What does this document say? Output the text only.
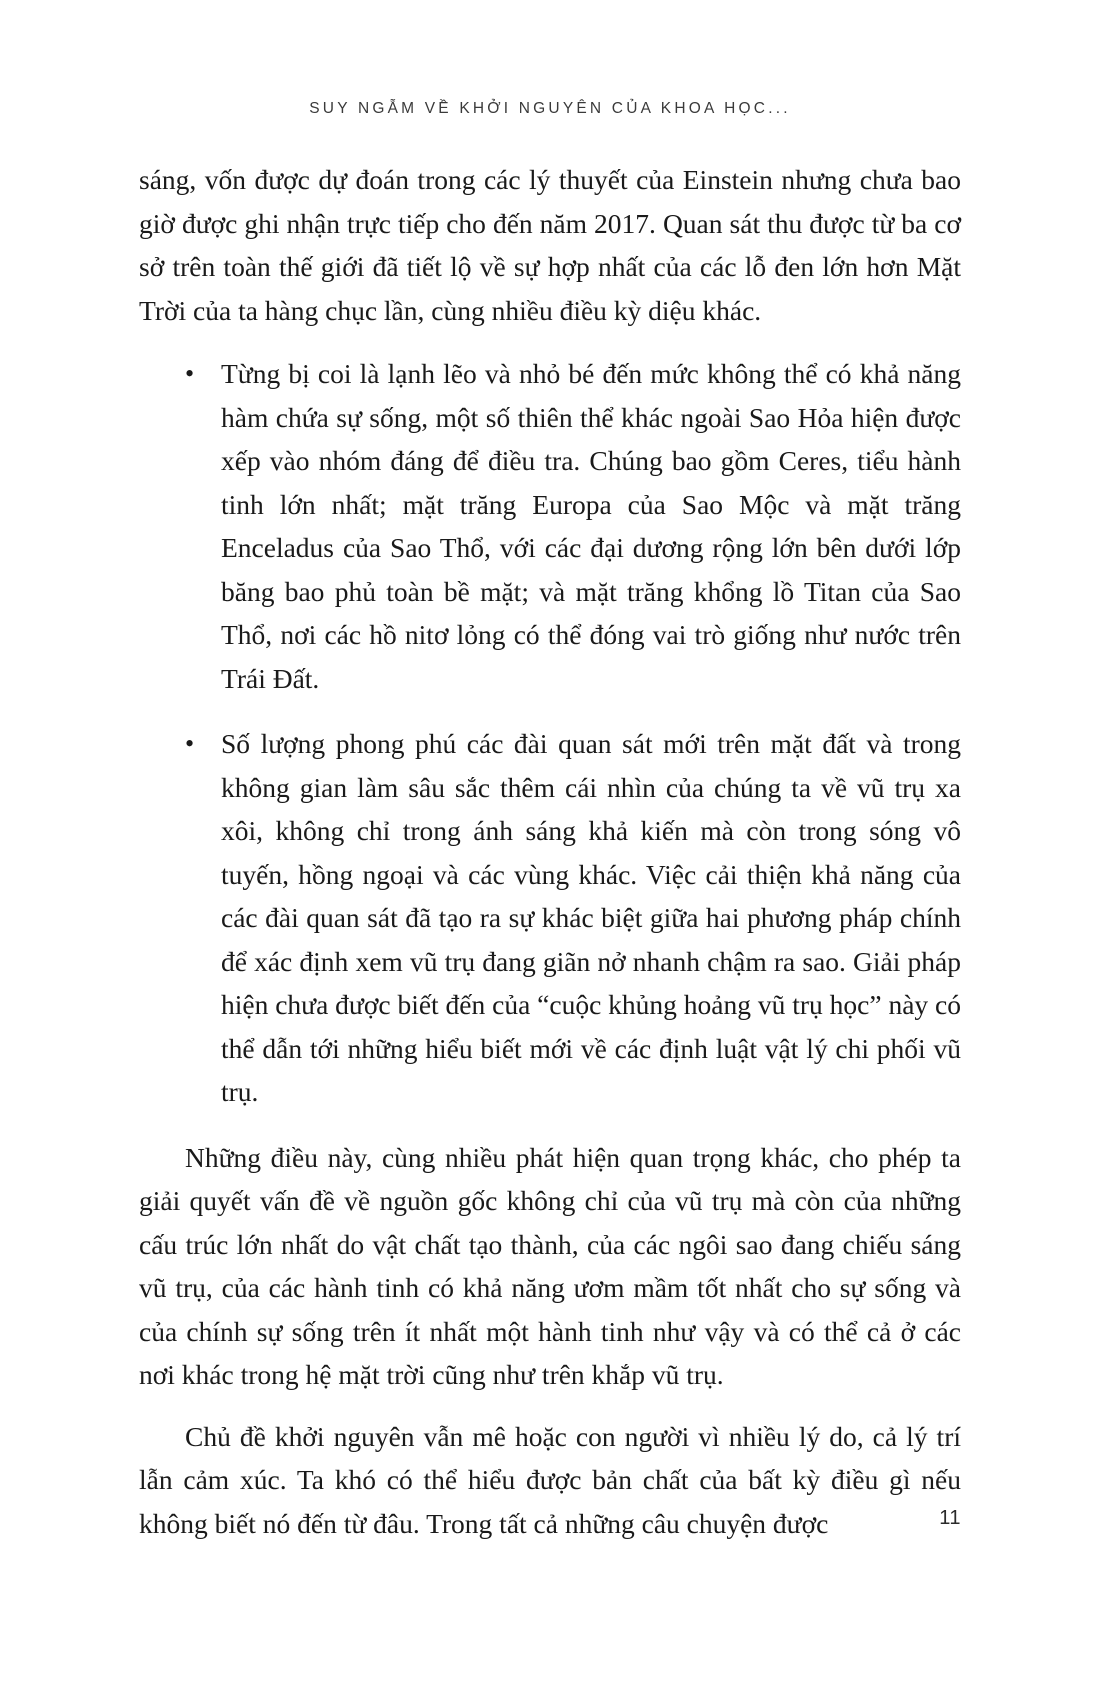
SUY NGẪM VỀ KHỞI NGUYÊN CỦA KHOA HỌC...

sáng, vốn được dự đoán trong các lý thuyết của Einstein nhưng chưa bao giờ được ghi nhận trực tiếp cho đến năm 2017. Quan sát thu được từ ba cơ sở trên toàn thế giới đã tiết lộ về sự hợp nhất của các lỗ đen lớn hơn Mặt Trời của ta hàng chục lần, cùng nhiều điều kỳ diệu khác.

• Từng bị coi là lạnh lẽo và nhỏ bé đến mức không thể có khả năng hàm chứa sự sống, một số thiên thể khác ngoài Sao Hỏa hiện được xếp vào nhóm đáng để điều tra. Chúng bao gồm Ceres, tiểu hành tinh lớn nhất; mặt trăng Europa của Sao Mộc và mặt trăng Enceladus của Sao Thổ, với các đại dương rộng lớn bên dưới lớp băng bao phủ toàn bề mặt; và mặt trăng khổng lồ Titan của Sao Thổ, nơi các hồ nitơ lỏng có thể đóng vai trò giống như nước trên Trái Đất.
• Số lượng phong phú các đài quan sát mới trên mặt đất và trong không gian làm sâu sắc thêm cái nhìn của chúng ta về vũ trụ xa xôi, không chỉ trong ánh sáng khả kiến mà còn trong sóng vô tuyến, hồng ngoại và các vùng khác. Việc cải thiện khả năng của các đài quan sát đã tạo ra sự khác biệt giữa hai phương pháp chính để xác định xem vũ trụ đang giãn nở nhanh chậm ra sao. Giải pháp hiện chưa được biết đến của “cuộc khủng hoảng vũ trụ học” này có thể dẫn tới những hiểu biết mới về các định luật vật lý chi phối vũ trụ.

Những điều này, cùng nhiều phát hiện quan trọng khác, cho phép ta giải quyết vấn đề về nguồn gốc không chỉ của vũ trụ mà còn của những cấu trúc lớn nhất do vật chất tạo thành, của các ngôi sao đang chiếu sáng vũ trụ, của các hành tinh có khả năng ươm mầm tốt nhất cho sự sống và của chính sự sống trên ít nhất một hành tinh như vậy và có thể cả ở các nơi khác trong hệ mặt trời cũng như trên khắp vũ trụ.

Chủ đề khởi nguyên vẫn mê hoặc con người vì nhiều lý do, cả lý trí lẫn cảm xúc. Ta khó có thể hiểu được bản chất của bất kỳ điều gì nếu không biết nó đến từ đâu. Trong tất cả những câu chuyện được	11
